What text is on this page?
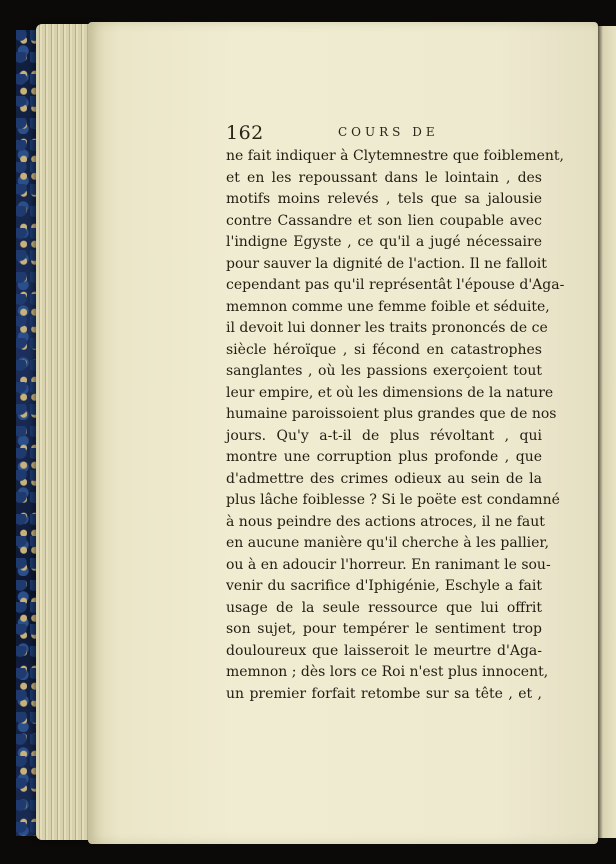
162	COURS DE
ne fait indiquer à Clytemnestre que foiblement,
et en les repoussant dans le lointain , des
motifs moins relevés , tels que sa jalousie
contre Cassandre et son lien coupable avec
l'indigne Egyste , ce qu'il a jugé nécessaire
pour sauver la dignité de l'action. Il ne falloit
cependant pas qu'il représentât l'épouse d'Aga-
memnon comme une femme foible et séduite,
il devoit lui donner les traits prononcés de ce
siècle héroïque , si fécond en catastrophes
sanglantes , où les passions exerçoient tout
leur empire, et où les dimensions de la nature
humaine paroissoient plus grandes que de nos
jours. Qu'y a-t-il de plus révoltant , qui
montre une corruption plus profonde , que
d'admettre des crimes odieux au sein de la
plus lâche foiblesse ? Si le poëte est condamné
à nous peindre des actions atroces, il ne faut
en aucune manière qu'il cherche à les pallier,
ou à en adoucir l'horreur. En ranimant le sou-
venir du sacrifice d'Iphigénie, Eschyle a fait
usage de la seule ressource que lui offrit
son sujet, pour tempérer le sentiment trop
douloureux que laisseroit le meurtre d'Aga-
memnon ; dès lors ce Roi n'est plus innocent,
un premier forfait retombe sur sa tête , et ,
